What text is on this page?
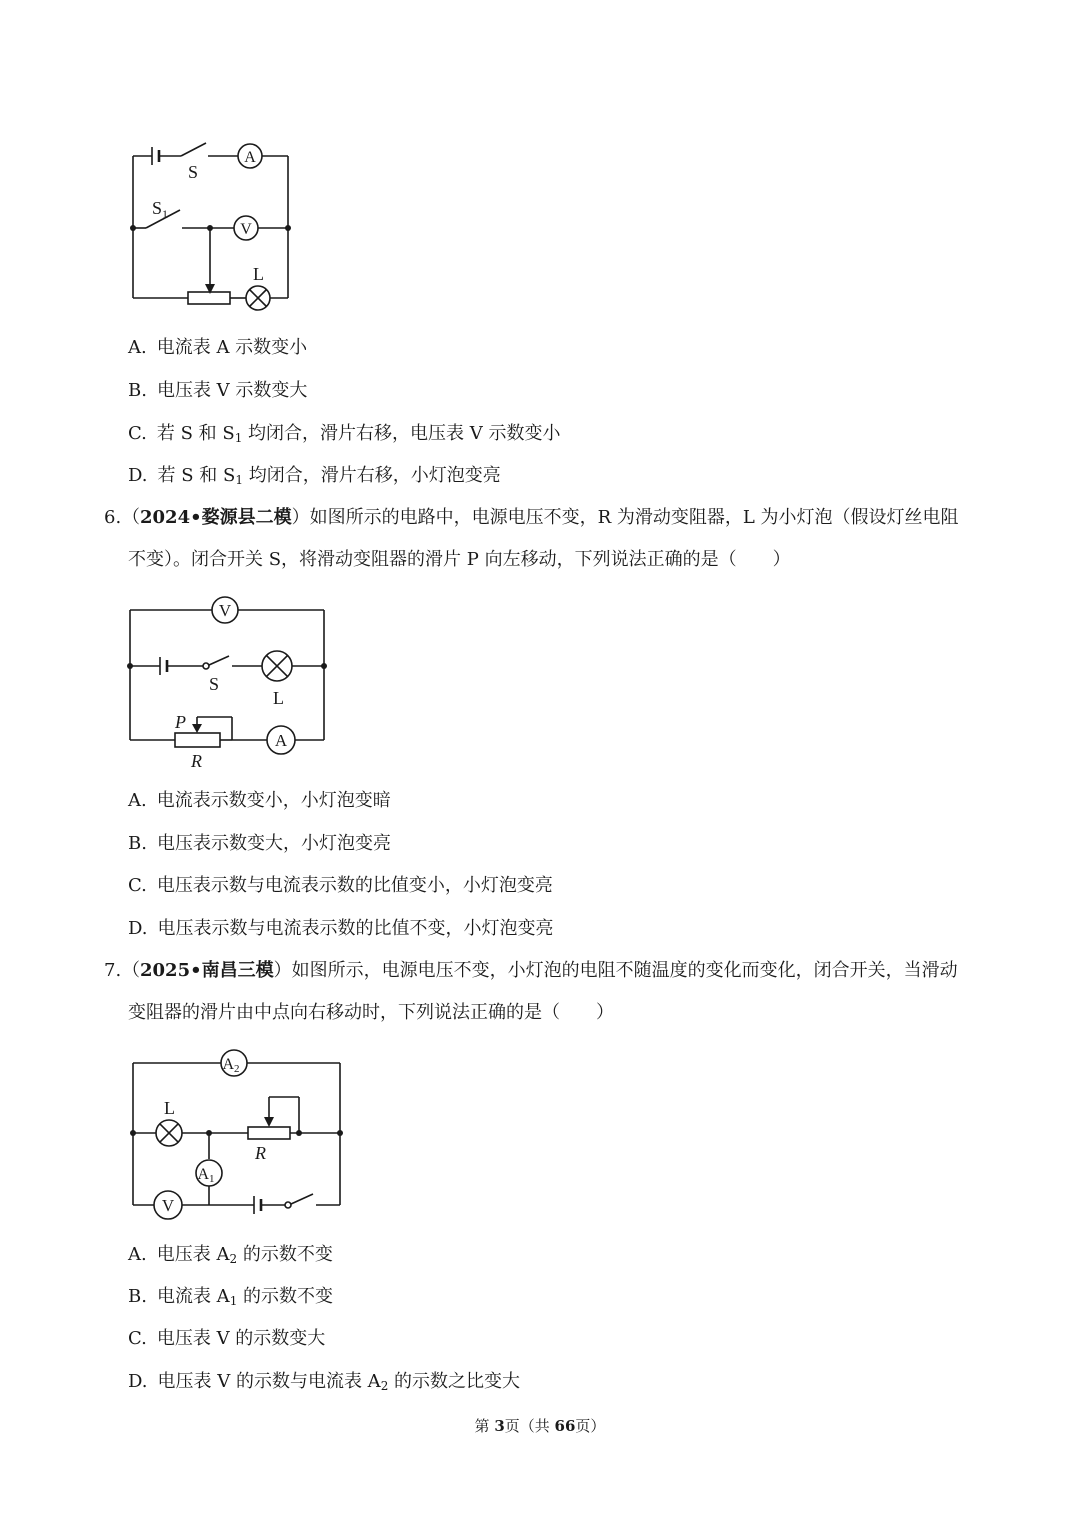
A
V
S
$S_1$
L
A. 电流表 A 示数变小
B. 电压表 V 示数变大
C. 若 S 和 $S_1$ 均闭合，滑片右移，电压表 V 示数变小
D. 若 S 和 $S_1$ 均闭合，滑片右移，小灯泡变亮
6. （2024•婺源县二模）如图所示的电路中，电源电压不变，R 为滑动变阻器，L 为小灯泡（假设灯丝电阻
不变）。闭合开关 S，将滑动变阻器的滑片 P 向左移动，下列说法正确的是（　　）
V
S
L
P
R
A
A. 电流表示数变小，小灯泡变暗
B. 电压表示数变大，小灯泡变亮
C. 电压表示数与电流表示数的比值变小，小灯泡变亮
D. 电压表示数与电流表示数的比值不变，小灯泡变亮
7. （2025•南昌三模）如图所示，电源电压不变，小灯泡的电阻不随温度的变化而变化，闭合开关，当滑动
变阻器的滑片由中点向右移动时，下列说法正确的是（　　）
A2
L
R
A1
V
A. 电压表 $A_2$ 的示数不变
B. 电流表 $A_1$ 的示数不变
C. 电压表 V 的示数变大
D. 电压表 V 的示数与电流表 $A_2$ 的示数之比变大
第 3页（共 66页）
